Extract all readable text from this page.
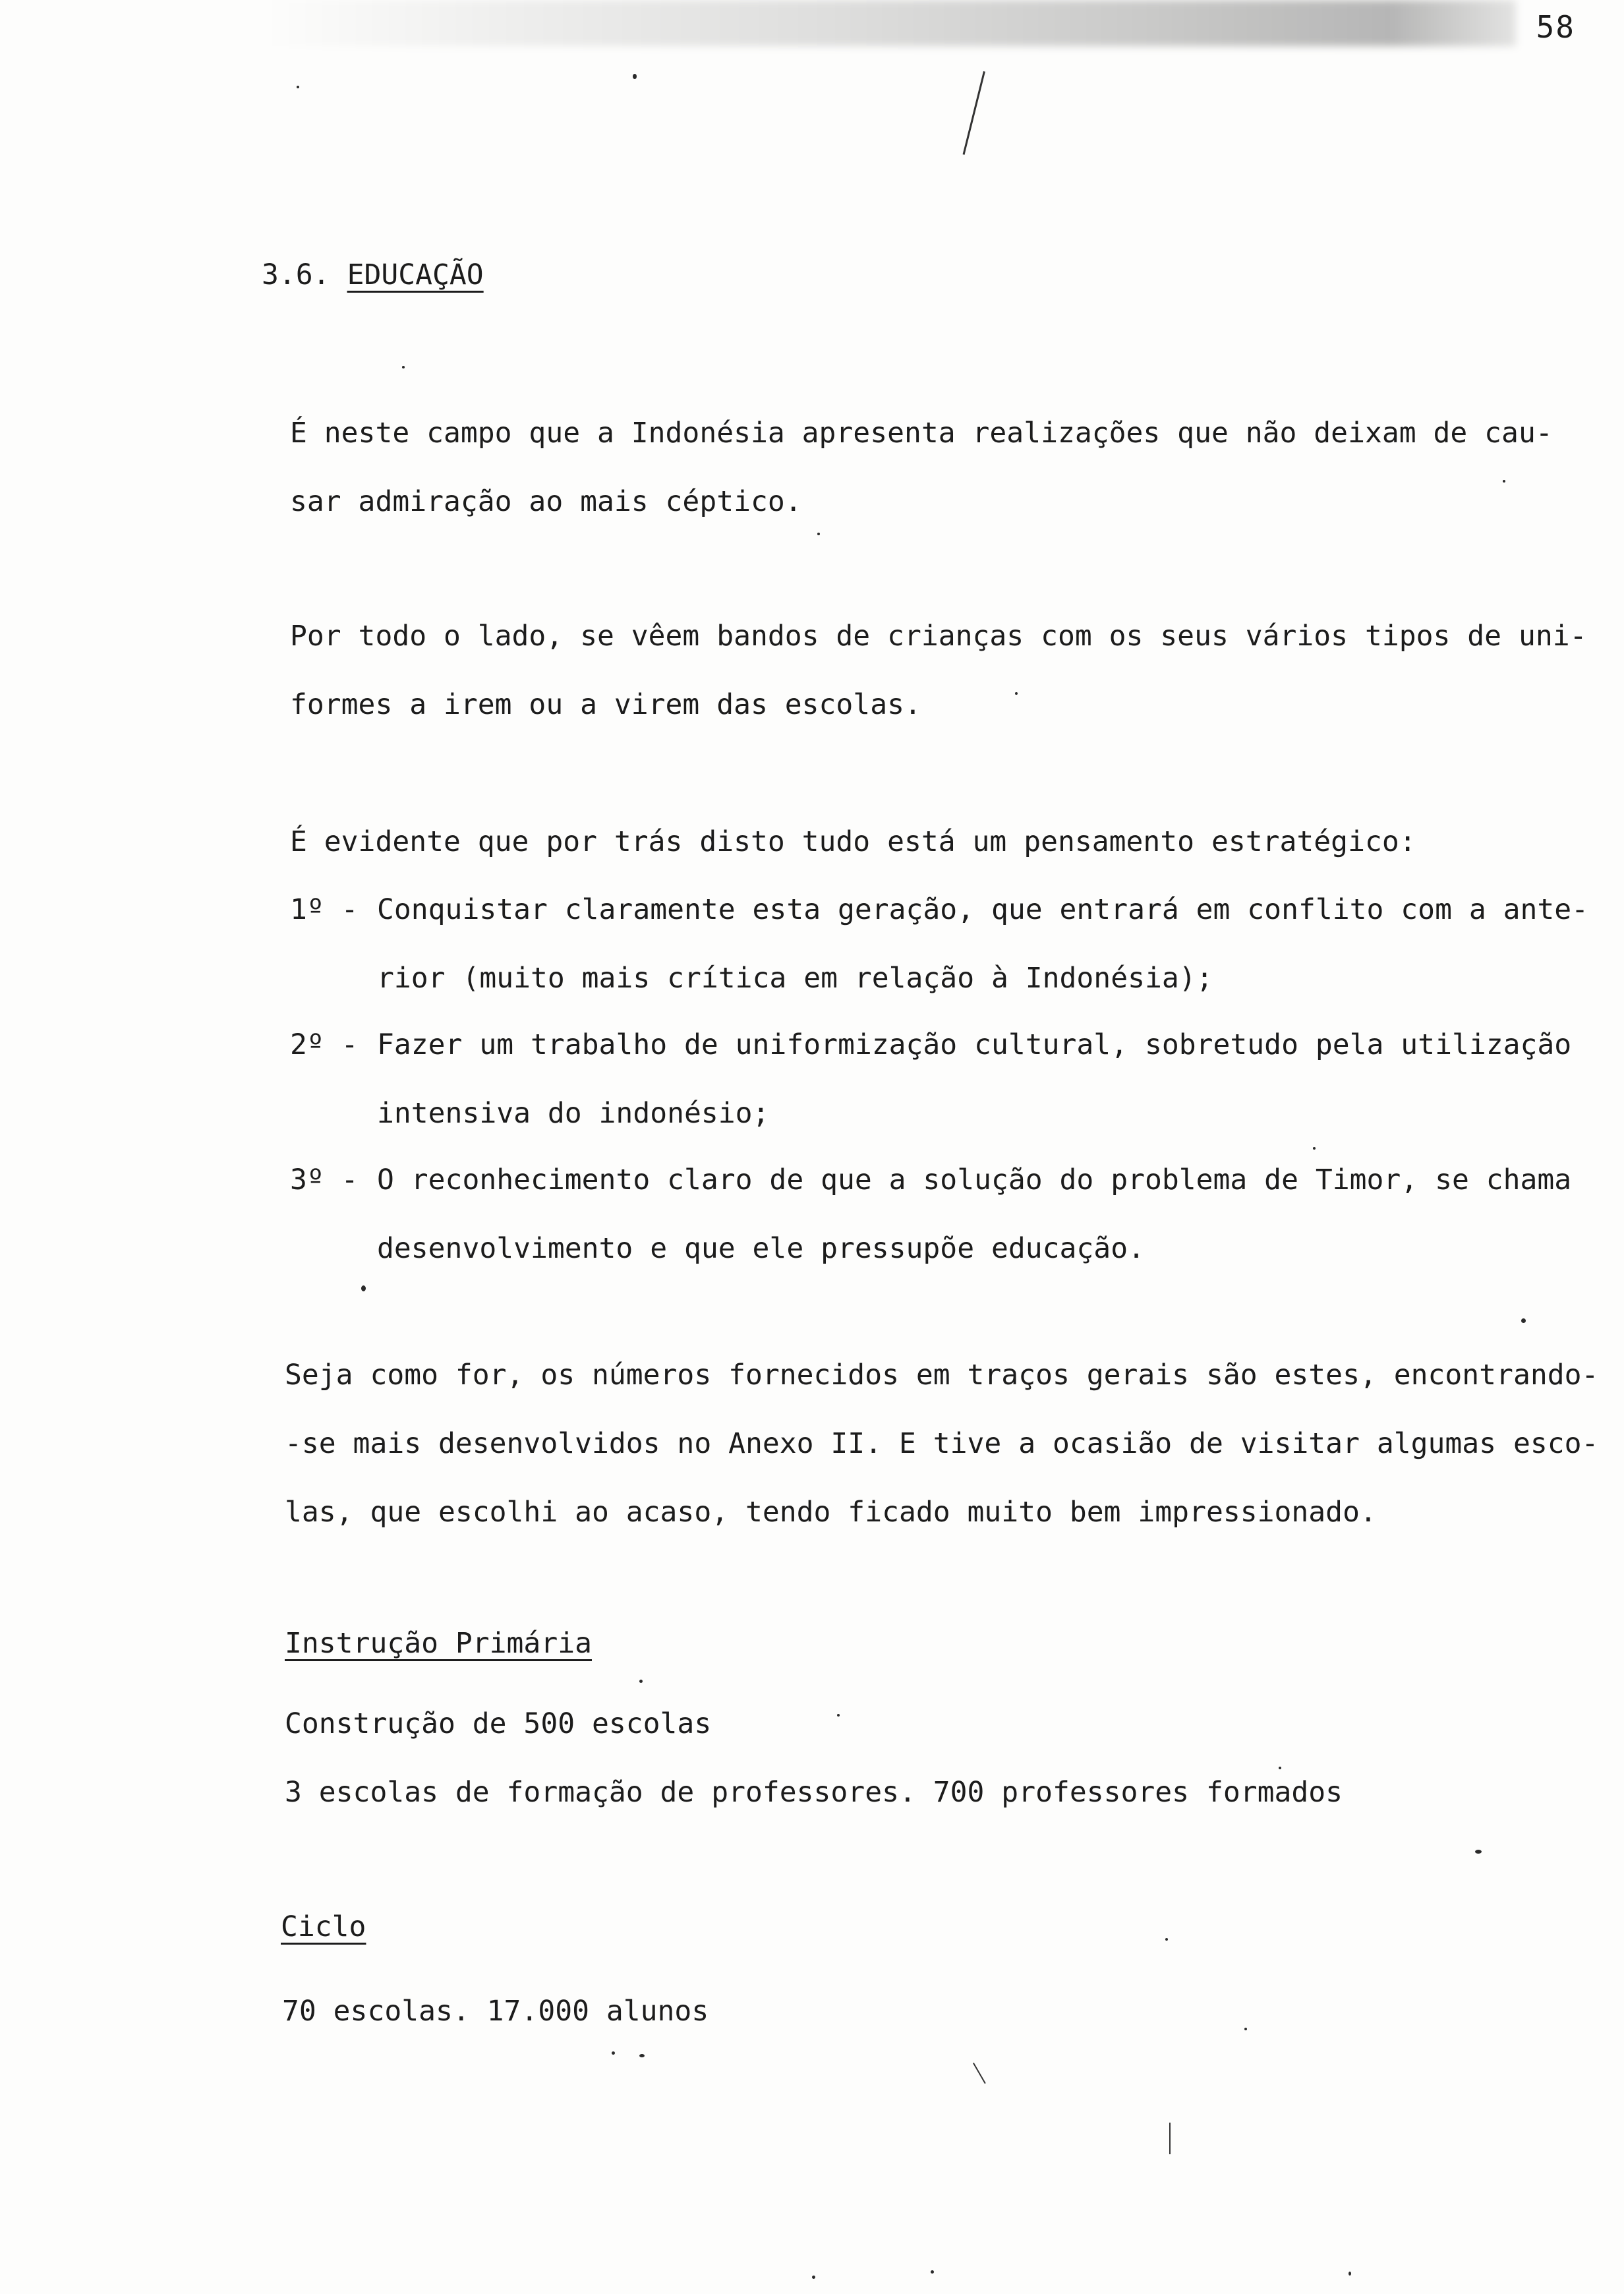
58
3.6. EDUCAÇÃO
É neste campo que a Indonésia apresenta realizações que não deixam de cau-
sar admiração ao mais céptico.
Por todo o lado, se vêem bandos de crianças com os seus vários tipos de uni-
formes a irem ou a virem das escolas.
É evidente que por trás disto tudo está um pensamento estratégico:
1º - Conquistar claramente esta geração, que entrará em conflito com a ante-
rior (muito mais crítica em relação à Indonésia);
2º - Fazer um trabalho de uniformização cultural, sobretudo pela utilização
intensiva do indonésio;
3º - O reconhecimento claro de que a solução do problema de Timor, se chama
desenvolvimento e que ele pressupõe educação.
Seja como for, os números fornecidos em traços gerais são estes, encontrando-
-se mais desenvolvidos no Anexo II. E tive a ocasião de visitar algumas esco-
las, que escolhi ao acaso, tendo ficado muito bem impressionado.
Instrução Primária
Construção de 500 escolas
3 escolas de formação de professores. 700 professores formados
Ciclo
70 escolas. 17.000 alunos
